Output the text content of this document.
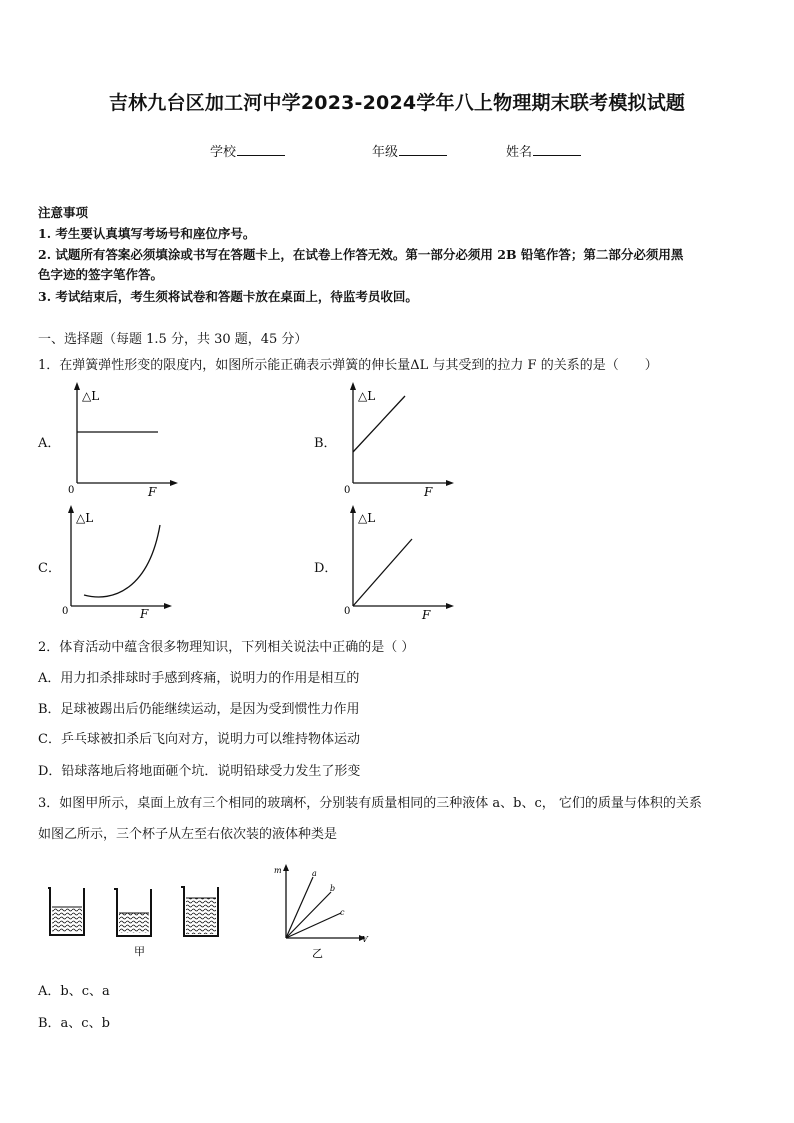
吉林九台区加工河中学2023-2024学年八上物理期末联考模拟试题
学校	年级	姓名
注意事项
1. 考生要认真填写考场号和座位序号。
2. 试题所有答案必须填涂或书写在答题卡上，在试卷上作答无效。第一部分必须用 2B 铅笔作答；第二部分必须用黑
色字迹的签字笔作答。
3. 考试结束后，考生须将试卷和答题卡放在桌面上，待监考员收回。
一、选择题（每题 1.5 分，共 30 题，45 分）
1．在弹簧弹性形变的限度内，如图所示能正确表示弹簧的伸长量ΔL 与其受到的拉力 F 的关系的是（　　）
A．	B．
C．	D．
△L
F
0
△L
F
0
△L
F
0
△L
F
0
2．体育活动中蕴含很多物理知识，下列相关说法中正确的是（ ）
A．用力扣杀排球时手感到疼痛，说明力的作用是相互的
B．足球被踢出后仍能继续运动，是因为受到惯性力作用
C．乒乓球被扣杀后飞向对方，说明力可以维持物体运动
D．铅球落地后将地面砸个坑．说明铅球受力发生了形变
3．如图甲所示，桌面上放有三个相同的玻璃杯，分别装有质量相同的三种液体 a、b、c， 它们的质量与体积的关系
如图乙所示，三个杯子从左至右依次装的液体种类是
甲
m
V
a
b
c
乙
A．b、c、a
B．a、c、b
